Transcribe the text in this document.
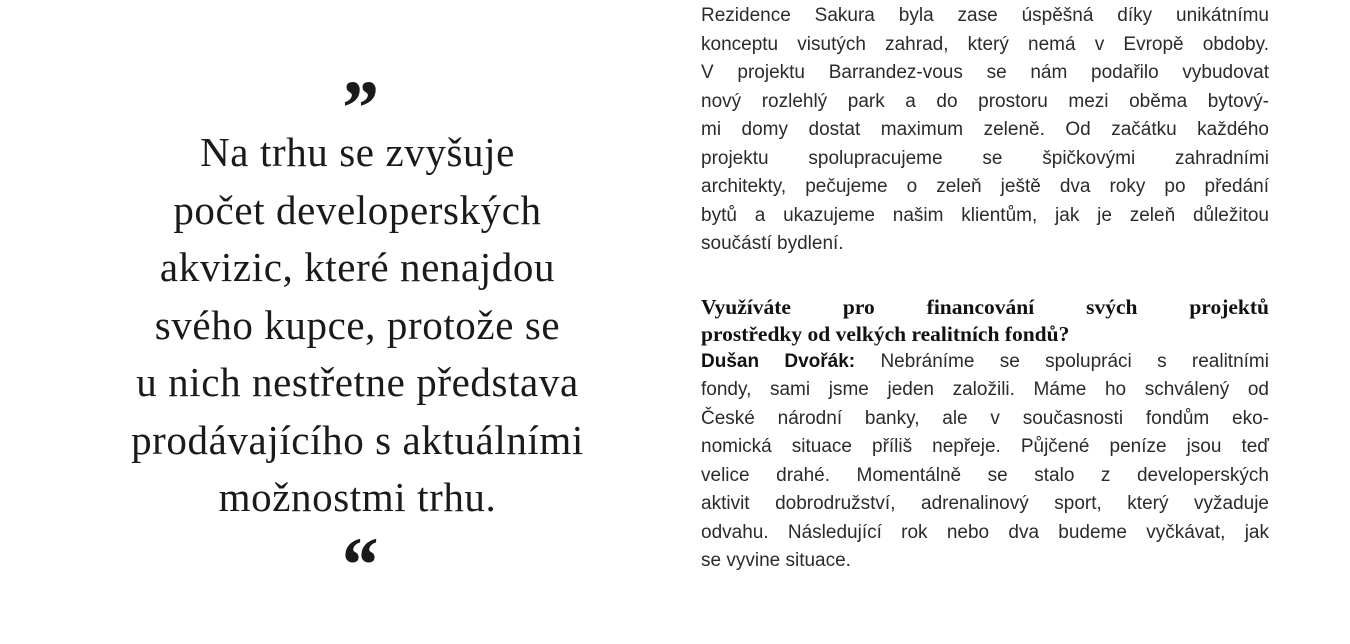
”

Na trhu se zvyšuje
počet developerských
akvizic, které nenajdou
svého kupce, protože se
u nich nestřetne představa
prodávajícího s aktuálními
možnostmi trhu.

“

Rezidence Sakura byla zase úspěšná díky unikátnímu
konceptu visutých zahrad, který nemá v Evropě obdoby.
V projektu Barrandez-vous se nám podařilo vybudovat
nový rozlehlý park a do prostoru mezi oběma bytový-
mi domy dostat maximum zeleně. Od začátku každého
projektu spolupracujeme se špičkovými zahradními
architekty, pečujeme o zeleň ještě dva roky po předání
bytů a ukazujeme našim klientům, jak je zeleň důležitou
součástí bydlení.

Využíváte pro financování svých projektů
prostředky od velkých realitních fondů?

Dušan Dvořák: Nebráníme se spolupráci s realitními
fondy, sami jsme jeden založili. Máme ho schválený od
České národní banky, ale v současnosti fondům eko-
nomická situace příliš nepřeje. Půjčené peníze jsou teď
velice drahé. Momentálně se stalo z developerských
aktivit dobrodružství, adrenalinový sport, který vyžaduje
odvahu. Následující rok nebo dva budeme vyčkávat, jak
se vyvine situace.
